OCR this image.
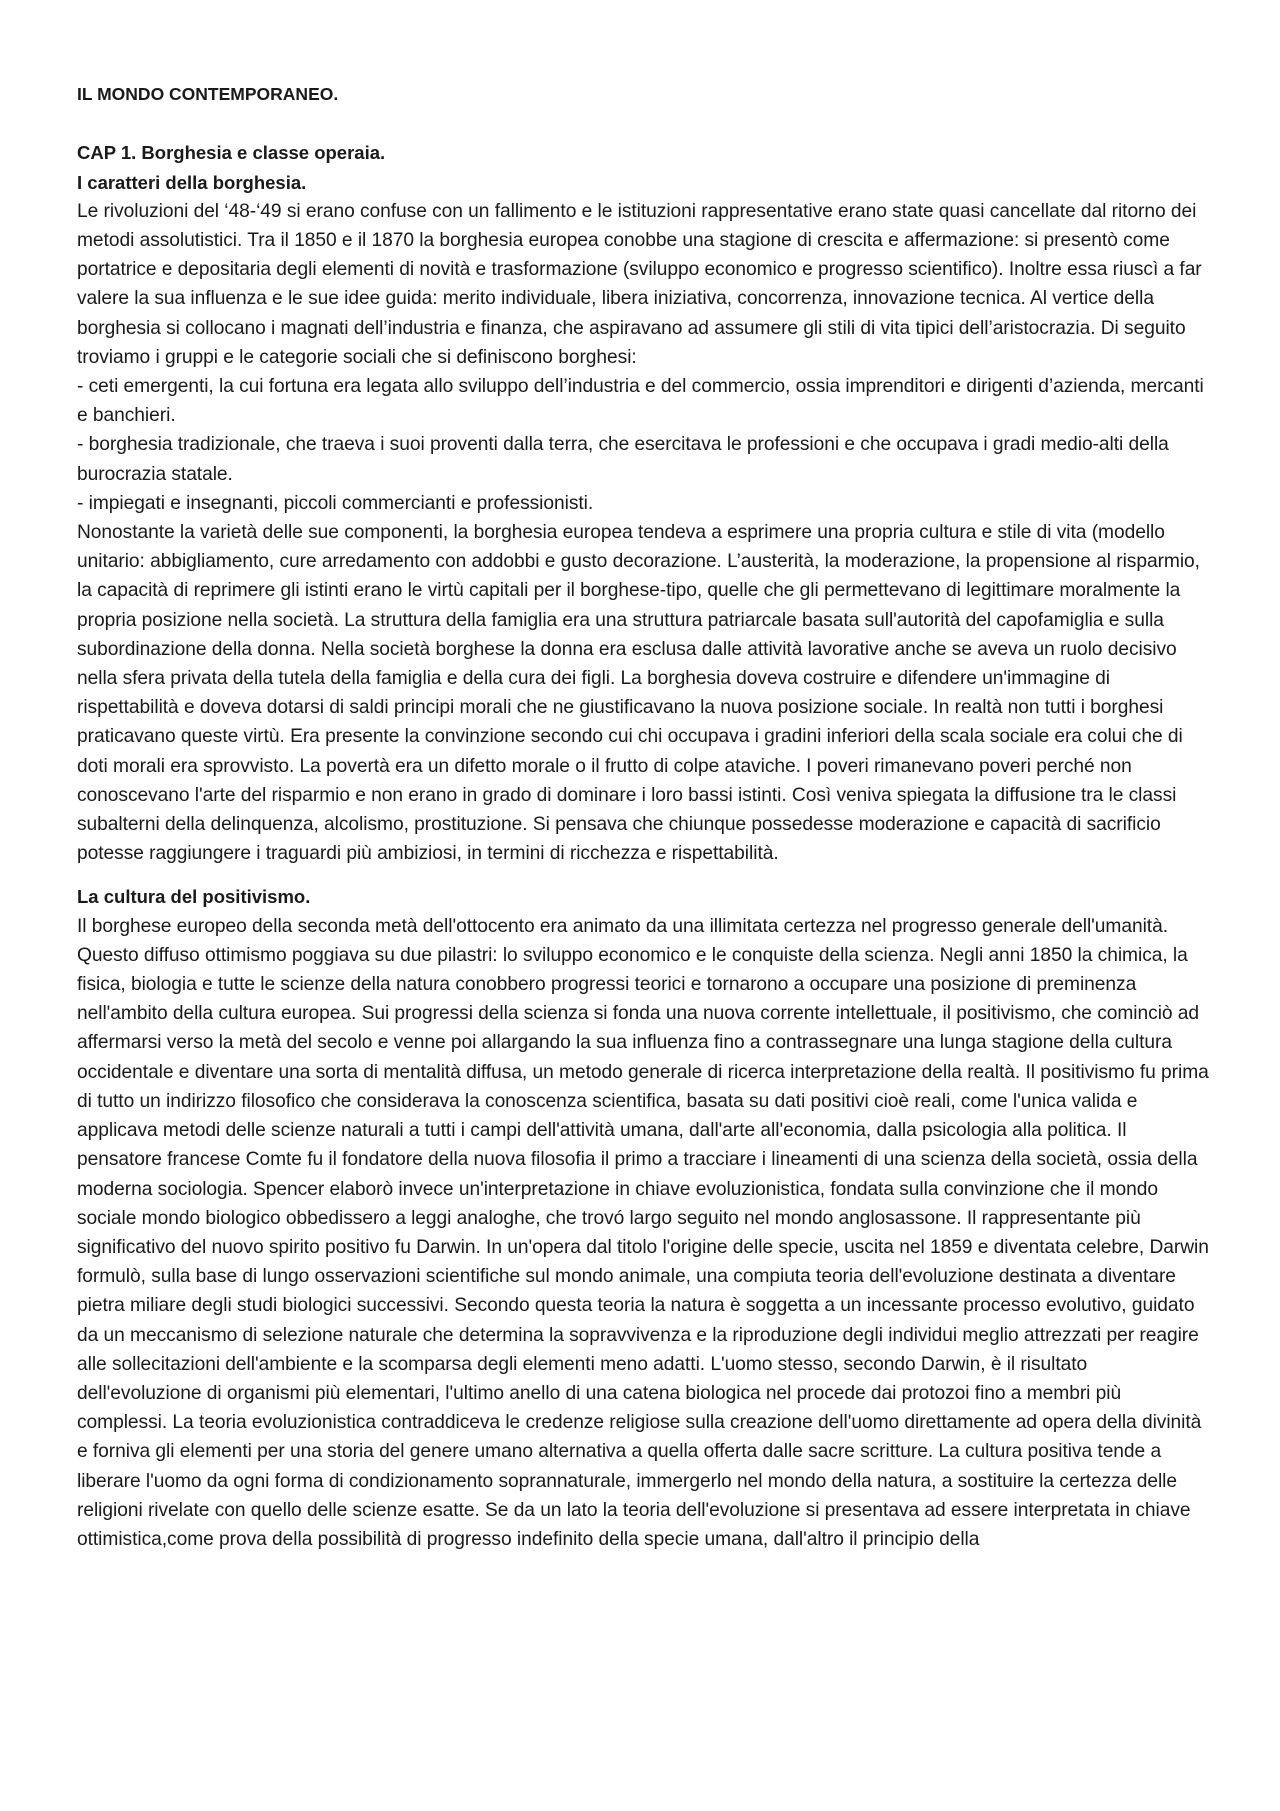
IL MONDO CONTEMPORANEO.

CAP 1. Borghesia e classe operaia.

I caratteri della borghesia.

Le rivoluzioni del ‘48-‘49 si erano confuse con un fallimento e le istituzioni rappresentative erano state quasi cancellate dal ritorno dei metodi assolutistici. Tra il 1850 e il 1870 la borghesia europea conobbe una stagione di crescita e affermazione: si presentò come portatrice e depositaria degli elementi di novità e trasformazione (sviluppo economico e progresso scientifico). Inoltre essa riuscì a far valere la sua influenza e le sue idee guida: merito individuale, libera iniziativa, concorrenza, innovazione tecnica. Al vertice della borghesia si collocano i magnati dell’industria e finanza, che aspiravano ad assumere gli stili di vita tipici dell’aristocrazia. Di seguito troviamo i gruppi e le categorie sociali che si definiscono borghesi:
- ceti emergenti, la cui fortuna era legata allo sviluppo dell’industria e del commercio, ossia imprenditori e dirigenti d’azienda, mercanti e banchieri.
- borghesia tradizionale, che traeva i suoi proventi dalla terra, che esercitava le professioni e che occupava i gradi medio-alti della burocrazia statale.
- impiegati e insegnanti, piccoli commercianti e professionisti.
Nonostante la varietà delle sue componenti, la borghesia europea tendeva a esprimere una propria cultura e stile di vita (modello unitario: abbigliamento, cure arredamento con addobbi e gusto decorazione. L’austerità, la moderazione, la propensione al risparmio, la capacità di reprimere gli istinti erano le virtù capitali per il borghese-tipo, quelle che gli permettevano di legittimare moralmente la propria posizione nella società. La struttura della famiglia era una struttura patriarcale basata sull'autorità del capofamiglia e sulla subordinazione della donna. Nella società borghese la donna era esclusa dalle attività lavorative anche se aveva un ruolo decisivo nella sfera privata della tutela della famiglia e della cura dei figli. La borghesia doveva costruire e difendere un'immagine di rispettabilità e doveva dotarsi di saldi principi morali che ne giustificavano la nuova posizione sociale. In realtà non tutti i borghesi praticavano queste virtù. Era presente la convinzione secondo cui chi occupava i gradini inferiori della scala sociale era colui che di doti morali era sprovvisto. La povertà era un difetto morale o il frutto di colpe ataviche. I poveri rimanevano poveri perché non conoscevano l'arte del risparmio e non erano in grado di dominare i loro bassi istinti. Così veniva spiegata la diffusione tra le classi subalterni della delinquenza, alcolismo, prostituzione. Si pensava che chiunque possedesse moderazione e capacità di sacrificio potesse raggiungere i traguardi più ambiziosi, in termini di ricchezza e rispettabilità.

La cultura del positivismo.

Il borghese europeo della seconda metà dell'ottocento era animato da una illimitata certezza nel progresso generale dell'umanità. Questo diffuso ottimismo poggiava su due pilastri: lo sviluppo economico e le conquiste della scienza. Negli anni 1850 la chimica, la fisica, biologia e tutte le scienze della natura conobbero progressi teorici e tornarono a occupare una posizione di preminenza nell'ambito della cultura europea. Sui progressi della scienza si fonda una nuova corrente intellettuale, il positivismo, che cominciò ad affermarsi verso la metà del secolo e venne poi allargando la sua influenza fino a contrassegnare una lunga stagione della cultura occidentale e diventare una sorta di mentalità diffusa, un metodo generale di ricerca interpretazione della realtà. Il positivismo fu prima di tutto un indirizzo filosofico che considerava la conoscenza scientifica, basata su dati positivi cioè reali, come l'unica valida e applicava metodi delle scienze naturali a tutti i campi dell'attività umana, dall'arte all'economia, dalla psicologia alla politica. Il pensatore francese Comte fu il fondatore della nuova filosofia il primo a tracciare i lineamenti di una scienza della società, ossia della moderna sociologia. Spencer elaborò invece un'interpretazione in chiave evoluzionistica, fondata sulla convinzione che il mondo sociale mondo biologico obbedissero a leggi analoghe, che trovó largo seguito nel mondo anglosassone. Il rappresentante più significativo del nuovo spirito positivo fu Darwin. In un'opera dal titolo l'origine delle specie, uscita nel 1859 e diventata celebre, Darwin formulò, sulla base di lungo osservazioni scientifiche sul mondo animale, una compiuta teoria dell'evoluzione destinata a diventare pietra miliare degli studi biologici successivi. Secondo questa teoria la natura è soggetta a un incessante processo evolutivo, guidato da un meccanismo di selezione naturale che determina la sopravvivenza e la riproduzione degli individui meglio attrezzati per reagire alle sollecitazioni dell'ambiente e la scomparsa degli elementi meno adatti. L'uomo stesso, secondo Darwin, è il risultato dell'evoluzione di organismi più elementari, l'ultimo anello di una catena biologica nel procede dai protozoi fino a membri più complessi. La teoria evoluzionistica contraddiceva le credenze religiose sulla creazione dell'uomo direttamente ad opera della divinità e forniva gli elementi per una storia del genere umano alternativa a quella offerta dalle sacre scritture. La cultura positiva tende a liberare l'uomo da ogni forma di condizionamento soprannaturale, immergerlo nel mondo della natura, a sostituire la certezza delle religioni rivelate con quello delle scienze esatte. Se da un lato la teoria dell'evoluzione si presentava ad essere interpretata in chiave ottimistica,come prova della possibilità di progresso indefinito della specie umana, dall'altro il principio della
